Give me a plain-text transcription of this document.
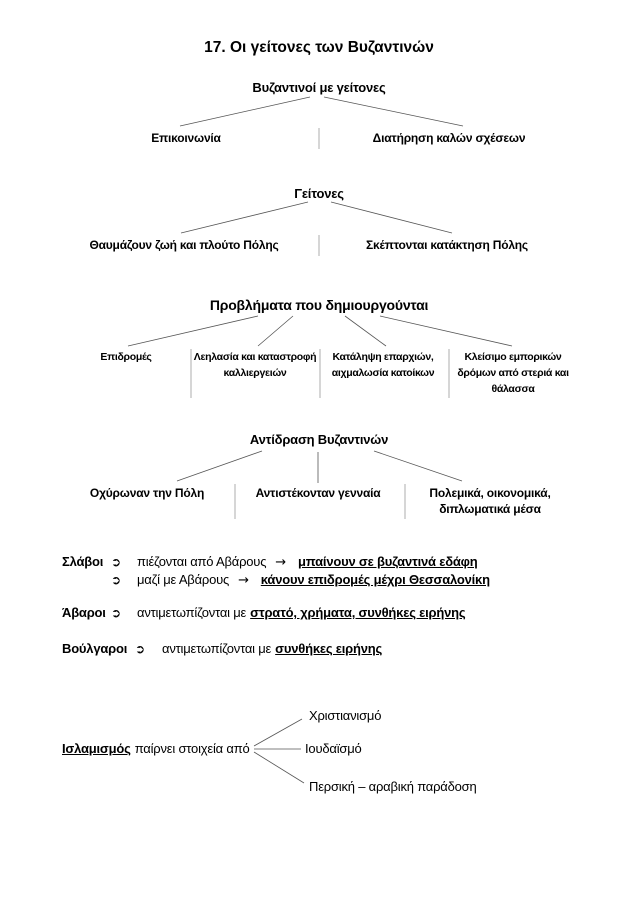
17. Οι γείτονες των Βυζαντινών
Βυζαντινοί με γείτονες
Επικοινωνία	Διατήρηση καλών σχέσεων
Γείτονες
Θαυμάζουν ζωή και πλούτο Πόλης	Σκέπτονται κατάκτηση Πόλης
Προβλήματα που δημιουργούνται
Επιδρομές	Λεηλασία και καταστροφή
καλλιεργειών
Κατάληψη επαρχιών,
αιχμαλωσία κατοίκων
Κλείσιμο εμπορικών
δρόμων από στεριά και
θάλασσα
Αντίδραση Βυζαντινών
Οχύρωναν την Πόλη	Αντιστέκονταν γενναία	Πολεμικά, οικονομικά,
διπλωματικά μέσα
Σλάβοι ➲ πιέζονται από Αβάρους → μπαίνουν σε βυζαντινά εδάφη
➲ μαζί με Αβάρους → κάνουν επιδρομές μέχρι Θεσσαλονίκη
Άβαροι ➲ αντιμετωπίζονται με στρατό, χρήματα, συνθήκες ειρήνης
Βούλγαροι ➲ αντιμετωπίζονται με συνθήκες ειρήνης
Ισλαμισμός παίρνει στοιχεία από
Χριστιανισμό
Ιουδαϊσμό
Περσική – αραβική παράδοση
